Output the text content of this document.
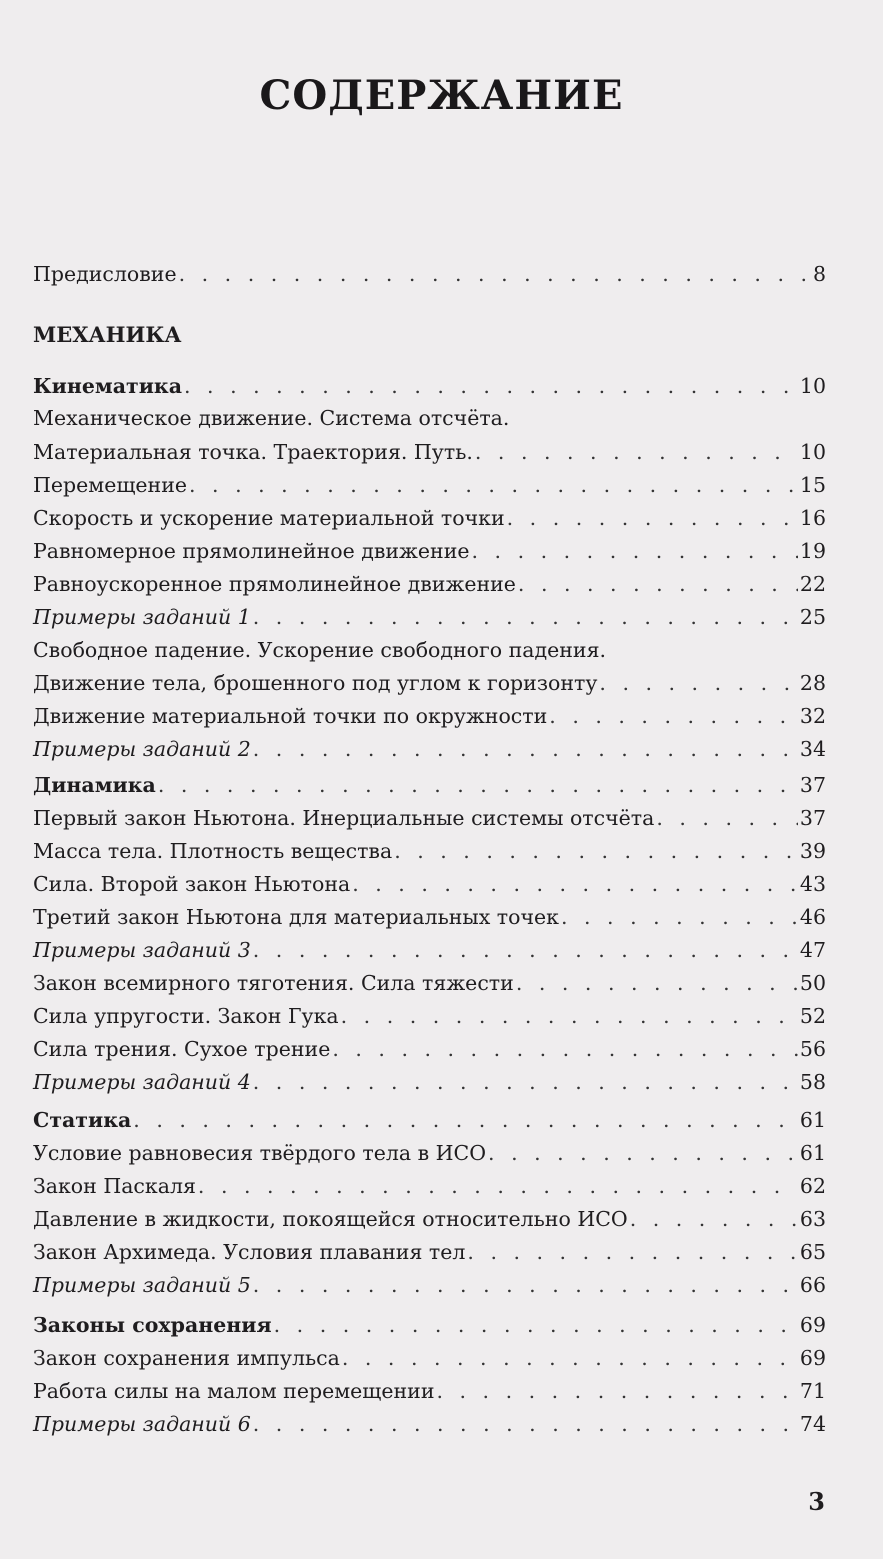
СОДЕРЖАНИЕ
МЕХАНИКА
Предисловие . . .	8
Кинематика . . .	10
Механическое движение. Система отсчёта.
Материальная точка. Траектория. Путь. . . .	10
Перемещение . . .	15
Скорость и ускорение материальной точки . . .	16
Равномерное прямолинейное движение . . .	19
Равноускоренное прямолинейное движение . . .	22
Примеры заданий 1 . . .	25
Свободное падение. Ускорение свободного падения.
Движение тела, брошенного под углом к горизонту . . .	28
Движение материальной точки по окружности . . .	32
Примеры заданий 2 . . .	34
Динамика . . .	37
Первый закон Ньютона. Инерциальные системы отсчёта . . .	37
Масса тела. Плотность вещества . . .	39
Сила. Второй закон Ньютона . . .	43
Третий закон Ньютона для материальных точек . . .	46
Примеры заданий 3 . . .	47
Закон всемирного тяготения. Сила тяжести . . .	50
Сила упругости. Закон Гука . . .	52
Сила трения. Сухое трение . . .	56
Примеры заданий 4 . . .	58
Статика . . .	61
Условие равновесия твёрдого тела в ИСО . . .	61
Закон Паскаля . . .	62
Давление в жидкости, покоящейся относительно ИСО . . .	63
Закон Архимеда. Условия плавания тел . . .	65
Примеры заданий 5 . . .	66
Законы сохранения . . .	69
Закон сохранения импульса . . .	69
Работа силы на малом перемещении . . .	71
Примеры заданий 6 . . .	74
3
